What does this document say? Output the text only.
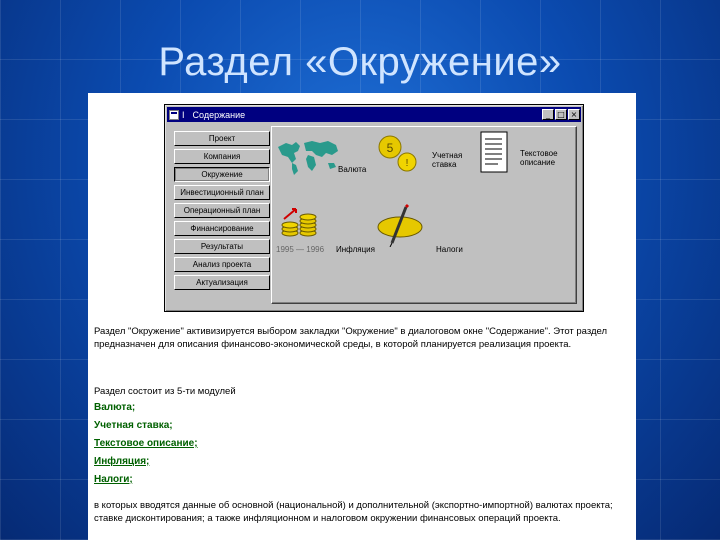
Раздел «Окружение»
I Содержание	_ □ ×
Проект
Компания
Окружение
Инвестиционный план
Операционный план
Финансирование
Результаты
Анализ проекта
Актуализация
Валюта
5
!
Учетная ставка
Текстовое описание
1995 — 1996 Инфляция	Налоги
Раздел "Окружение" активизируется выбором закладки "Окружение" в диалоговом окне "Содержание". Этот раздел предназначен для описания финансово-экономической среды, в которой планируется реализация проекта.
Раздел состоит из 5-ти модулей
Валюта;
Учетная ставка;
Текстовое описание;
Инфляция;
Налоги;
в которых вводятся данные об основной (национальной) и дополнительной (экспортно-импортной) валютах проекта; ставке дисконтирования; а также инфляционном и налоговом окружении финансовых операций проекта.
